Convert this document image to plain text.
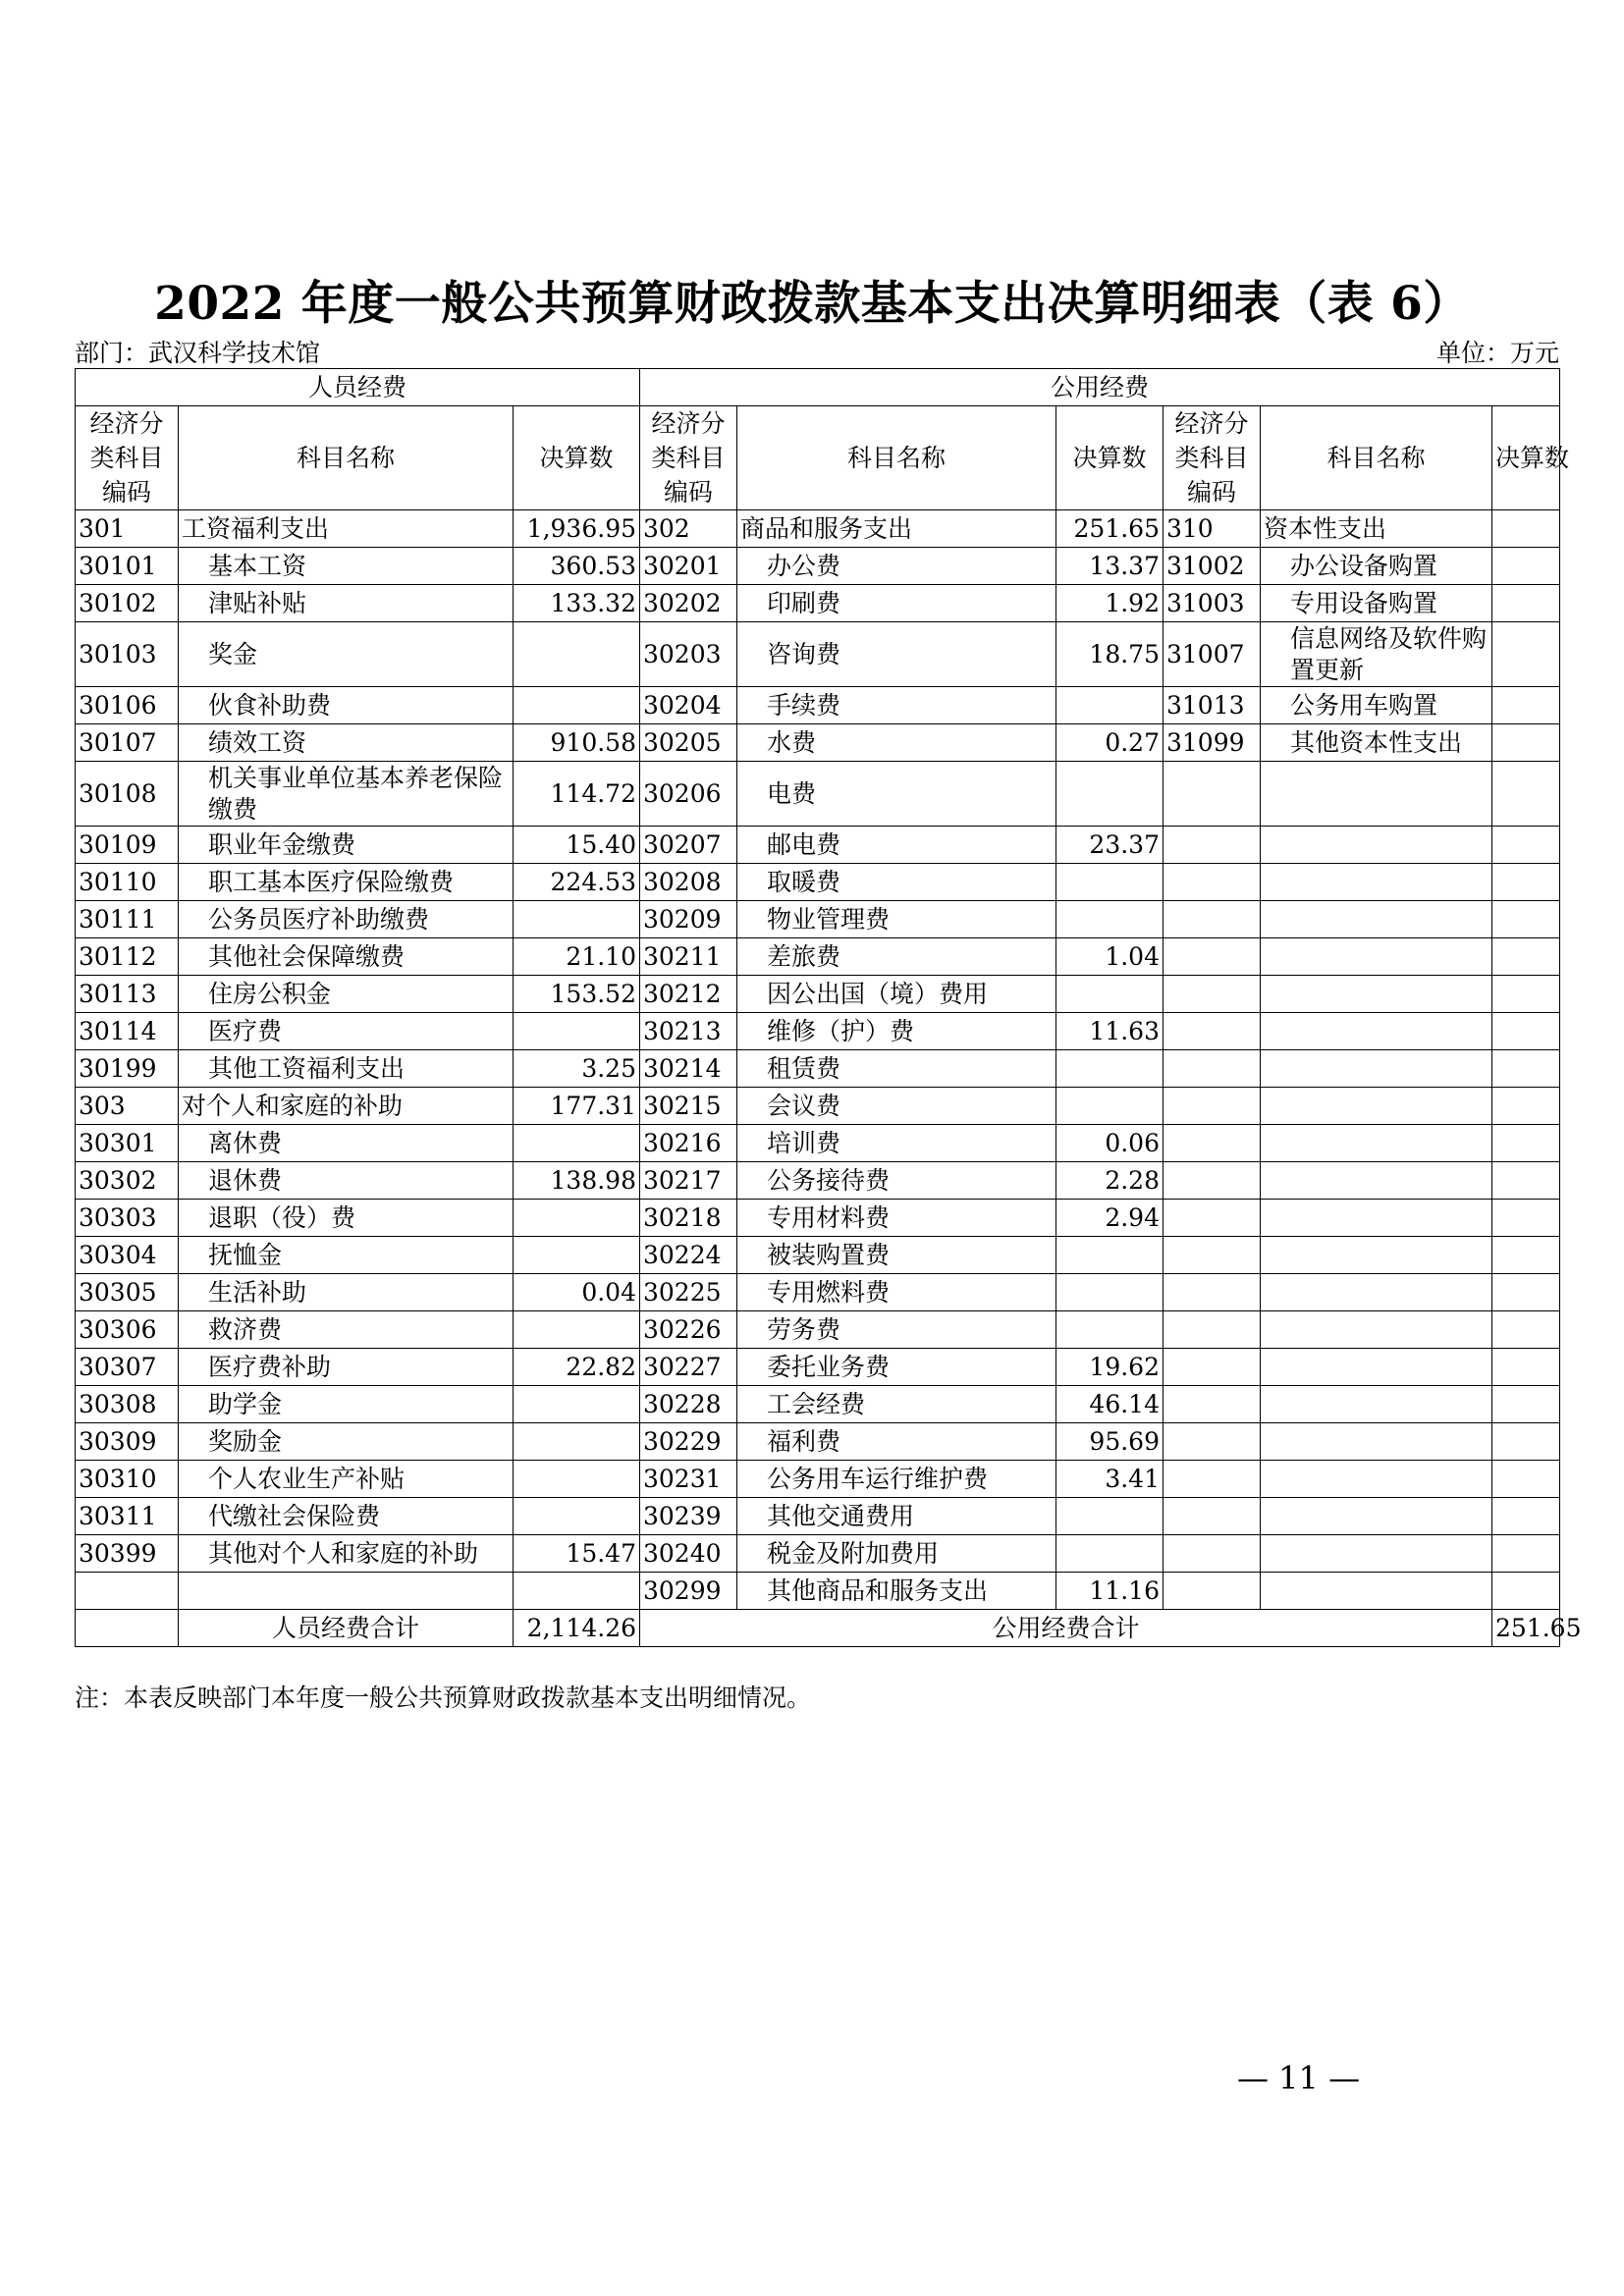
2022 年度一般公共预算财政拨款基本支出决算明细表（表 6）
部门：武汉科学技术馆	单位：万元
人员经费			公用经费					
经济分类科目编码	科目名称	决算数	经济分类科目编码	科目名称	决算数	经济分类科目编码	科目名称	决算数
301	工资福利支出	1,936.95	302	商品和服务支出	251.65	310	资本性支出	
30101	基本工资	360.53	30201	办公费	13.37	31002	办公设备购置	
30102	津贴补贴	133.32	30202	印刷费	1.92	31003	专用设备购置	
30103	奖金		30203	咨询费	18.75	31007	信息网络及软件购置更新	
30106	伙食补助费		30204	手续费		31013	公务用车购置	
30107	绩效工资	910.58	30205	水费	0.27	31099	其他资本性支出	
30108	机关事业单位基本养老保险缴费	114.72	30206	电费				
30109	职业年金缴费	15.40	30207	邮电费	23.37			
30110	职工基本医疗保险缴费	224.53	30208	取暖费				
30111	公务员医疗补助缴费		30209	物业管理费				
30112	其他社会保障缴费	21.10	30211	差旅费	1.04			
30113	住房公积金	153.52	30212	因公出国（境）费用				
30114	医疗费		30213	维修（护）费	11.63			
30199	其他工资福利支出	3.25	30214	租赁费				
303	对个人和家庭的补助	177.31	30215	会议费				
30301	离休费		30216	培训费	0.06			
30302	退休费	138.98	30217	公务接待费	2.28			
30303	退职（役）费		30218	专用材料费	2.94			
30304	抚恤金		30224	被装购置费				
30305	生活补助	0.04	30225	专用燃料费				
30306	救济费		30226	劳务费				
30307	医疗费补助	22.82	30227	委托业务费	19.62			
30308	助学金		30228	工会经费	46.14			
30309	奖励金		30229	福利费	95.69			
30310	个人农业生产补贴		30231	公务用车运行维护费	3.41			
30311	代缴社会保险费		30239	其他交通费用				
30399	其他对个人和家庭的补助	15.47	30240	税金及附加费用				
			30299	其他商品和服务支出	11.16			
	人员经费合计	2,114.26	公用经费合计					251.65
注：本表反映部门本年度一般公共预算财政拨款基本支出明细情况。
— 11 —
